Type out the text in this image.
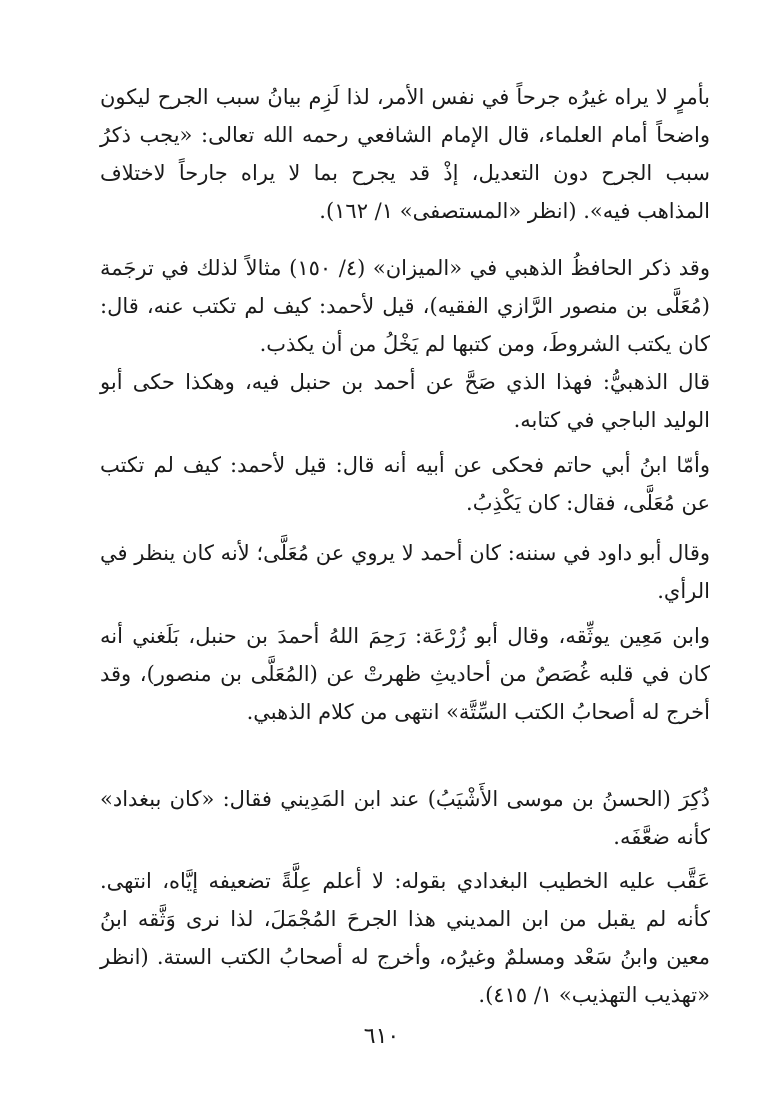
بأمرٍ لا يراه غيرُه جرحاً في نفس الأمر، لذا لَزِم بيانُ سبب الجرح ليكون واضحاً أمام العلماء، قال الإمام الشافعي رحمه الله تعالى: «يجب ذكرُ سبب الجرح دون التعديل، إذْ قد يجرح بما لا يراه جارحاً لاختلاف المذاهب فيه». (انظر «المستصفى» ١/ ١٦٢).

وقد ذكر الحافظُ الذهبي في «الميزان» (٤/ ١٥٠) مثالاً لذلك في ترجَمة (مُعَلَّى بن منصور الرَّازي الفقيه)، قيل لأحمد: كيف لم تكتب عنه، قال: كان يكتب الشروطَ، ومن كتبها لم يَخْلُ من أن يكذب.

قال الذهبيُّ: فهذا الذي صَحَّ عن أحمد بن حنبل فيه، وهكذا حكى أبو الوليد الباجي في كتابه.

وأمّا ابنُ أبي حاتم فحكى عن أبيه أنه قال: قيل لأحمد: كيف لم تكتب عن مُعَلَّى، فقال: كان يَكْذِبُ.

وقال أبو داود في سننه: كان أحمد لا يروي عن مُعَلَّى؛ لأنه كان ينظر في الرأي.

وابن مَعِين يوثِّقه، وقال أبو زُرْعَة: رَحِمَ اللهُ أحمدَ بن حنبل، بَلَغني أنه كان في قلبه غُصَصٌ من أحاديثِ ظهرتْ عن (المُعَلَّى بن منصور)، وقد أخرج له أصحابُ الكتب السِّتَّة» انتهى من كلام الذهبي.

ذُكِرَ (الحسنُ بن موسى الأَشْيَبُ) عند ابن المَدِيني فقال: «كان ببغداد» كأنه ضعَّفَه.

عَقَّب عليه الخطيب البغدادي بقوله: لا أعلم عِلَّةً تضعيفه إيَّاه، انتهى. كأنه لم يقبل من ابن المديني هذا الجرحَ المُجْمَلَ، لذا نرى وَثَّقه ابنُ معين وابنُ سَعْد ومسلمٌ وغيرُه، وأخرج له أصحابُ الكتب الستة. (انظر «تهذيب التهذيب» ١/ ٤١٥).

٦١٠
